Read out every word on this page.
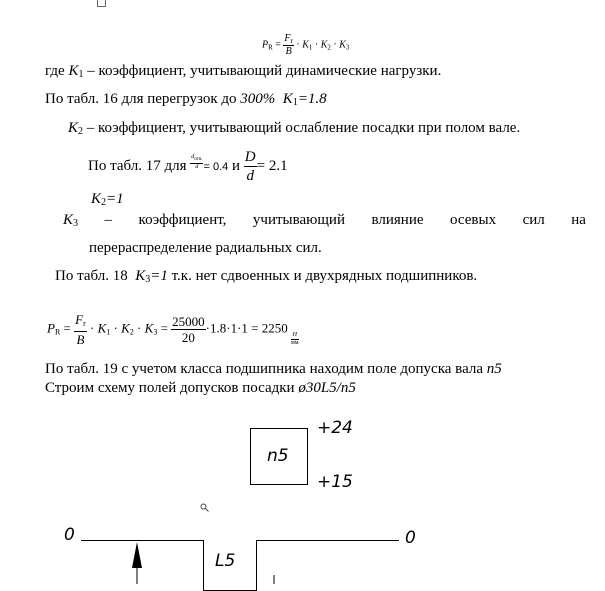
$P_R = \frac{F_r}{B} \cdot K_1 \cdot K_2 \cdot K_3$
где $K_1$ – коэффициент, учитывающий динамические нагрузки.
По табл. 16 для перегрузок до 300% $K_1=1.8$
$K_2$ – коэффициент, учитывающий ослабление посадки при полом вале.
По табл. 17 для $\frac{d_{отв.}}{d} = 0.4$ и $\frac{D}{d} = 2.1$
$K_2=1$
$K_3$ – коэффициент, учитывающий влияние осевых сил на
перераспределение радиальных сил.
По табл. 18  $K_3=1$ т.к. нет сдвоенных и двухрядных подшипников.
$P_R = \frac{F_r}{B} \cdot K_1 \cdot K_2 \cdot K_3 = \frac{25000}{20} \cdot 1.8\cdot 1\cdot 1 = 2250$
$\frac{Н}{мм}$
По табл. 19 с учетом класса подшипника находим поле допуска вала n5
Строим схему полей допусков посадки ø30L5/n5
n5
+24
+15
0	0
L5
